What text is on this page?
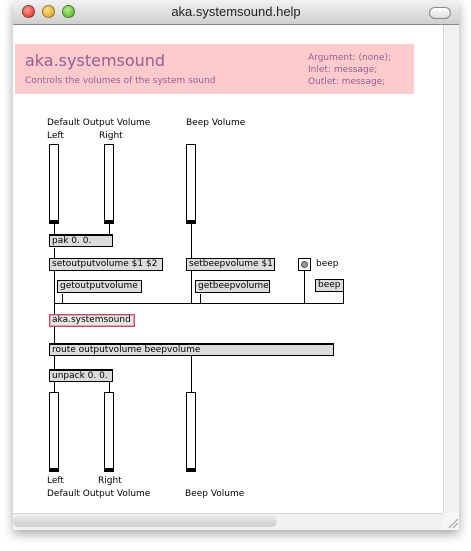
aka.systemsound.help
aka.systemsound
Controls the volumes of the system sound
Argument: (none);
Inlet: message;
Outlet: message;
Default Output Volume
Left	Right
Beep Volume
pak 0. 0.
setoutputvolume $1 $2
getoutputvolume
setbeepvolume $1
getbeepvolume
beep
beep
aka.systemsound
route outputvolume beepvolume
unpack 0. 0.
Left	Right
Default Output Volume	Beep Volume
